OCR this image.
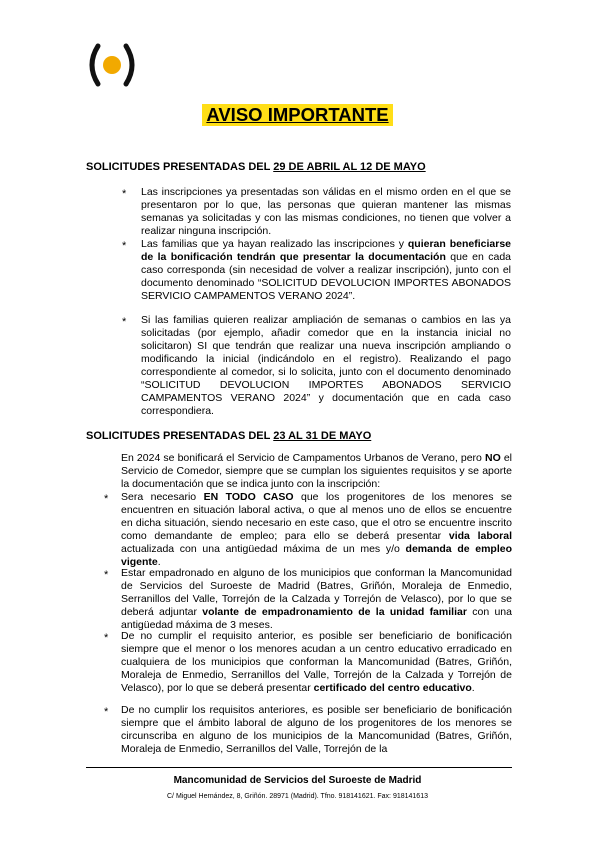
AVISO IMPORTANTE
SOLICITUDES PRESENTADAS DEL 29 DE ABRIL AL 12 DE MAYO
* Las inscripciones ya presentadas son válidas en el mismo orden en el que se presentaron por lo que, las personas que quieran mantener las mismas semanas ya solicitadas y con las mismas condiciones, no tienen que volver a realizar ninguna inscripción.

* Las familias que ya hayan realizado las inscripciones y quieran beneficiarse de la bonificación tendrán que presentar la documentación que en cada caso corresponda (sin necesidad de volver a realizar inscripción), junto con el documento denominado “SOLICITUD DEVOLUCION IMPORTES ABONADOS SERVICIO CAMPAMENTOS VERANO 2024”.

* Si las familias quieren realizar ampliación de semanas o cambios en las ya solicitadas (por ejemplo, añadir comedor que en la instancia inicial no solicitaron) SI que tendrán que realizar una nueva inscripción ampliando o modificando la inicial (indicándolo en el registro). Realizando el pago correspondiente al comedor, si lo solicita, junto con el documento denominado “SOLICITUD DEVOLUCION IMPORTES ABONADOS SERVICIO CAMPAMENTOS VERANO 2024” y documentación que en cada caso correspondiera.

SOLICITUDES PRESENTADAS DEL 23 AL 31 DE MAYO

En 2024 se bonificará el Servicio de Campamentos Urbanos de Verano, pero NO el Servicio de Comedor, siempre que se cumplan los siguientes requisitos y se aporte la documentación que se indica junto con la inscripción:

* Sera necesario EN TODO CASO que los progenitores de los menores se encuentren en situación laboral activa, o que al menos uno de ellos se encuentre en dicha situación, siendo necesario en este caso, que el otro se encuentre inscrito como demandante de empleo; para ello se deberá presentar vida laboral actualizada con una antigüedad máxima de un mes y/o demanda de empleo vigente.

* Estar empadronado en alguno de los municipios que conforman la Mancomunidad de Servicios del Suroeste de Madrid (Batres, Griñón, Moraleja de Enmedio, Serranillos del Valle, Torrejón de la Calzada y Torrejón de Velasco), por lo que se deberá adjuntar volante de empadronamiento de la unidad familiar con una antigüedad máxima de 3 meses.

* De no cumplir el requisito anterior, es posible ser beneficiario de bonificación siempre que el menor o los menores acudan a un centro educativo erradicado en cualquiera de los municipios que conforman la Mancomunidad (Batres, Griñón, Moraleja de Enmedio, Serranillos del Valle, Torrejón de la Calzada y Torrejón de Velasco), por lo que se deberá presentar certificado del centro educativo.

* De no cumplir los requisitos anteriores, es posible ser beneficiario de bonificación siempre que el ámbito laboral de alguno de los progenitores de los menores se circunscriba en alguno de los municipios de la Mancomunidad (Batres, Griñón, Moraleja de Enmedio, Serranillos del Valle, Torrejón de la

Mancomunidad de Servicios del Suroeste de Madrid
C/ Miguel Hernández, 8, Griñón. 28971 (Madrid). Tfno. 918141621. Fax: 918141613
